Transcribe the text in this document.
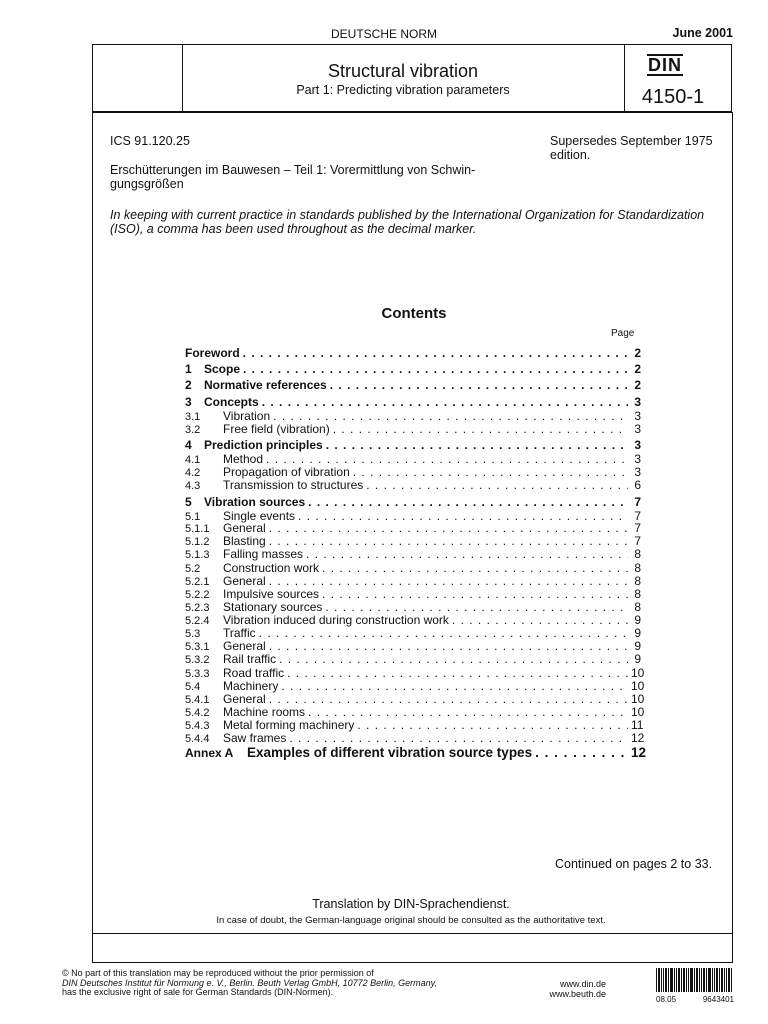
DEUTSCHE NORM	June 2001
Structural vibration
Part 1: Predicting vibration parameters
DIN
4150-1
ICS 91.120.25	Supersedes September 1975 edition.
Erschütterungen im Bauwesen – Teil 1: Vorermittlung von Schwin-gungsgrößen
In keeping with current practice in standards published by the International Organization for Standardization (ISO), a comma has been used throughout as the decimal marker.
Contents
Page
Foreword . . .	2
1	Scope . . .	2
2	Normative references . . .	2
3	Concepts . . .	3
3.1	Vibration . . .	3
3.2	Free field (vibration) . . .	3
4	Prediction principles . . .	3
4.1	Method . . .	3
4.2	Propagation of vibration . . .	3
4.3	Transmission to structures . . .	6
5	Vibration sources . . .	7
5.1	Single events . . .	7
5.1.1	General . . .	7
5.1.2	Blasting . . .	7
5.1.3	Falling masses . . .	8
5.2	Construction work . . .	8
5.2.1	General . . .	8
5.2.2	Impulsive sources . . .	8
5.2.3	Stationary sources . . .	8
5.2.4	Vibration induced during construction work . . .	9
5.3	Traffic . . .	9
5.3.1	General . . .	9
5.3.2	Rail traffic . . .	9
5.3.3	Road traffic . . .	10
5.4	Machinery . . .	10
5.4.1	General . . .	10
5.4.2	Machine rooms . . .	10
5.4.3	Metal forming machinery . . .	11
5.4.4	Saw frames . . .	12
Annex A	Examples of different vibration source types . . .	12
Continued on pages 2 to 33.
Translation by DIN-Sprachendienst.
In case of doubt, the German-language original should be consulted as the authoritative text.
© No part of this translation may be reproduced without the prior permission of
DIN Deutsches Institut für Normung e. V., Berlin. Beuth Verlag GmbH, 10772 Berlin, Germany,
has the exclusive right of sale for German Standards (DIN-Normen).
www.din.de
www.beuth.de
08.05	9643401
